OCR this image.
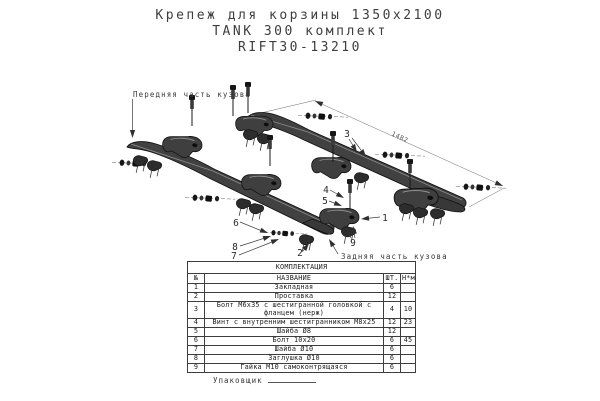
Крепеж для корзины 1350х2100
TANK 300 комплект
RIFT30-13210
1482
Передняя часть кузова
Задняя часть кузова
1
2
3
4
5
6
7
8	9
КОМПЛЕКТАЦИЯ			
№	НАЗВАНИЕ	ШТ.	Н*м
1	Закладная	6	
2	Проставка	12	
3	Болт М6х35 с шестигранной головкой с фланцем (нерж)	4	10
4	Винт с внутренним шестигранником М8х25	12	23
5	Шайба Ø8	12	
6	Болт 10х20	6	45
7	Шайба Ø10	6	
8	Заглушка Ø10	6	
9	Гайка М10 самоконтрящаяся	6	
Упаковщик
